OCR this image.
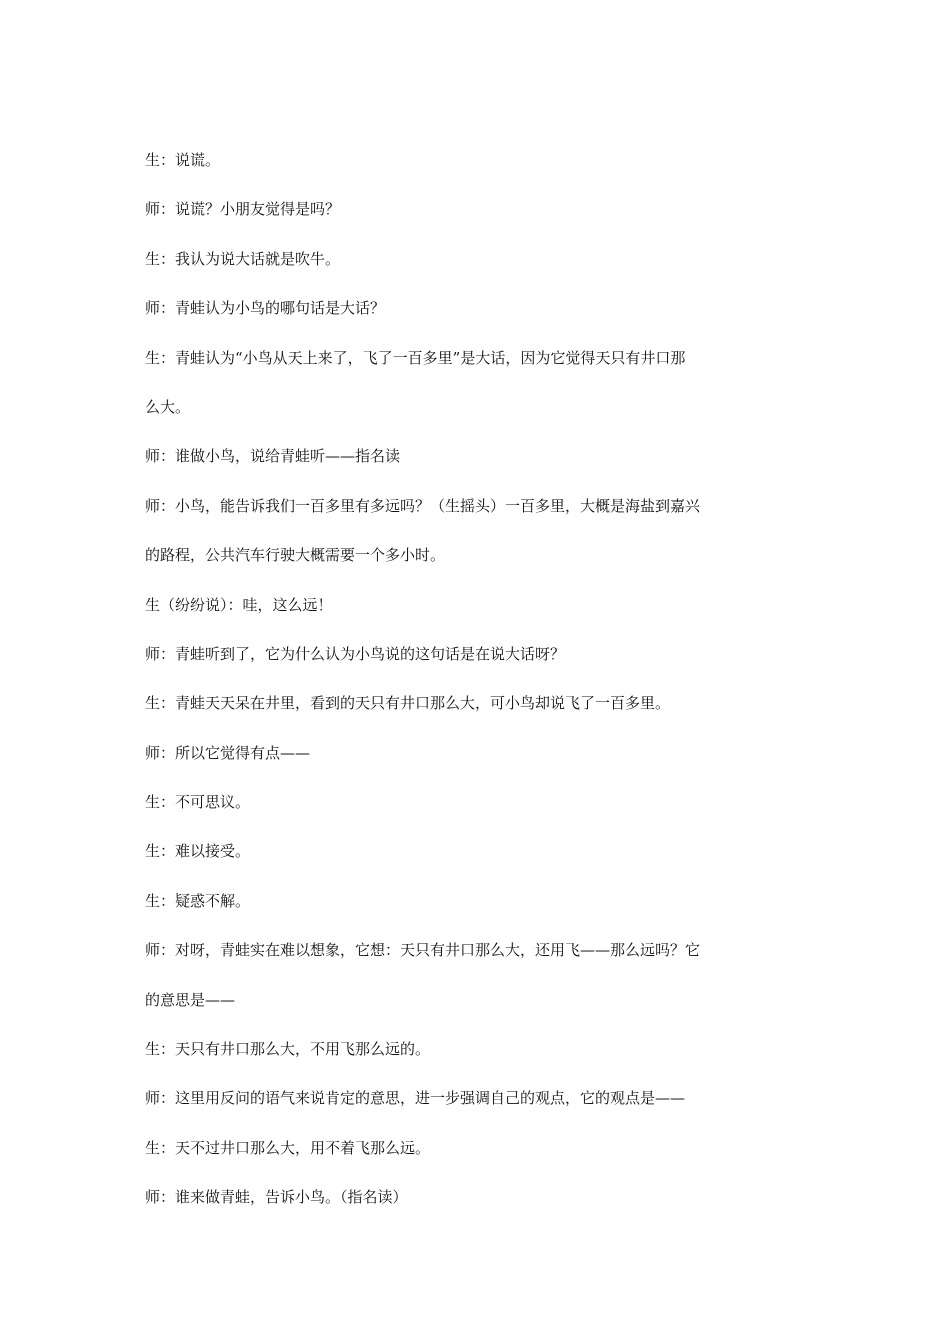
生：说谎。

师：说谎？小朋友觉得是吗？

生：我认为说大话就是吹牛。

师：青蛙认为小鸟的哪句话是大话？

生：青蛙认为“小鸟从天上来了，飞了一百多里”是大话，因为它觉得天只有井口那

么大。

师：谁做小鸟，说给青蛙听——指名读

师：小鸟，能告诉我们一百多里有多远吗？（生摇头）一百多里，大概是海盐到嘉兴

的路程，公共汽车行驶大概需要一个多小时。

生（纷纷说）：哇，这么远！

师：青蛙听到了，它为什么认为小鸟说的这句话是在说大话呀？

生：青蛙天天呆在井里，看到的天只有井口那么大，可小鸟却说飞了一百多里。

师：所以它觉得有点——

生：不可思议。

生：难以接受。

生：疑惑不解。

师：对呀，青蛙实在难以想象，它想：天只有井口那么大，还用飞——那么远吗？它

的意思是——

生：天只有井口那么大，不用飞那么远的。

师：这里用反问的语气来说肯定的意思，进一步强调自己的观点，它的观点是——

生：天不过井口那么大，用不着飞那么远。

师：谁来做青蛙，告诉小鸟。（指名读）
